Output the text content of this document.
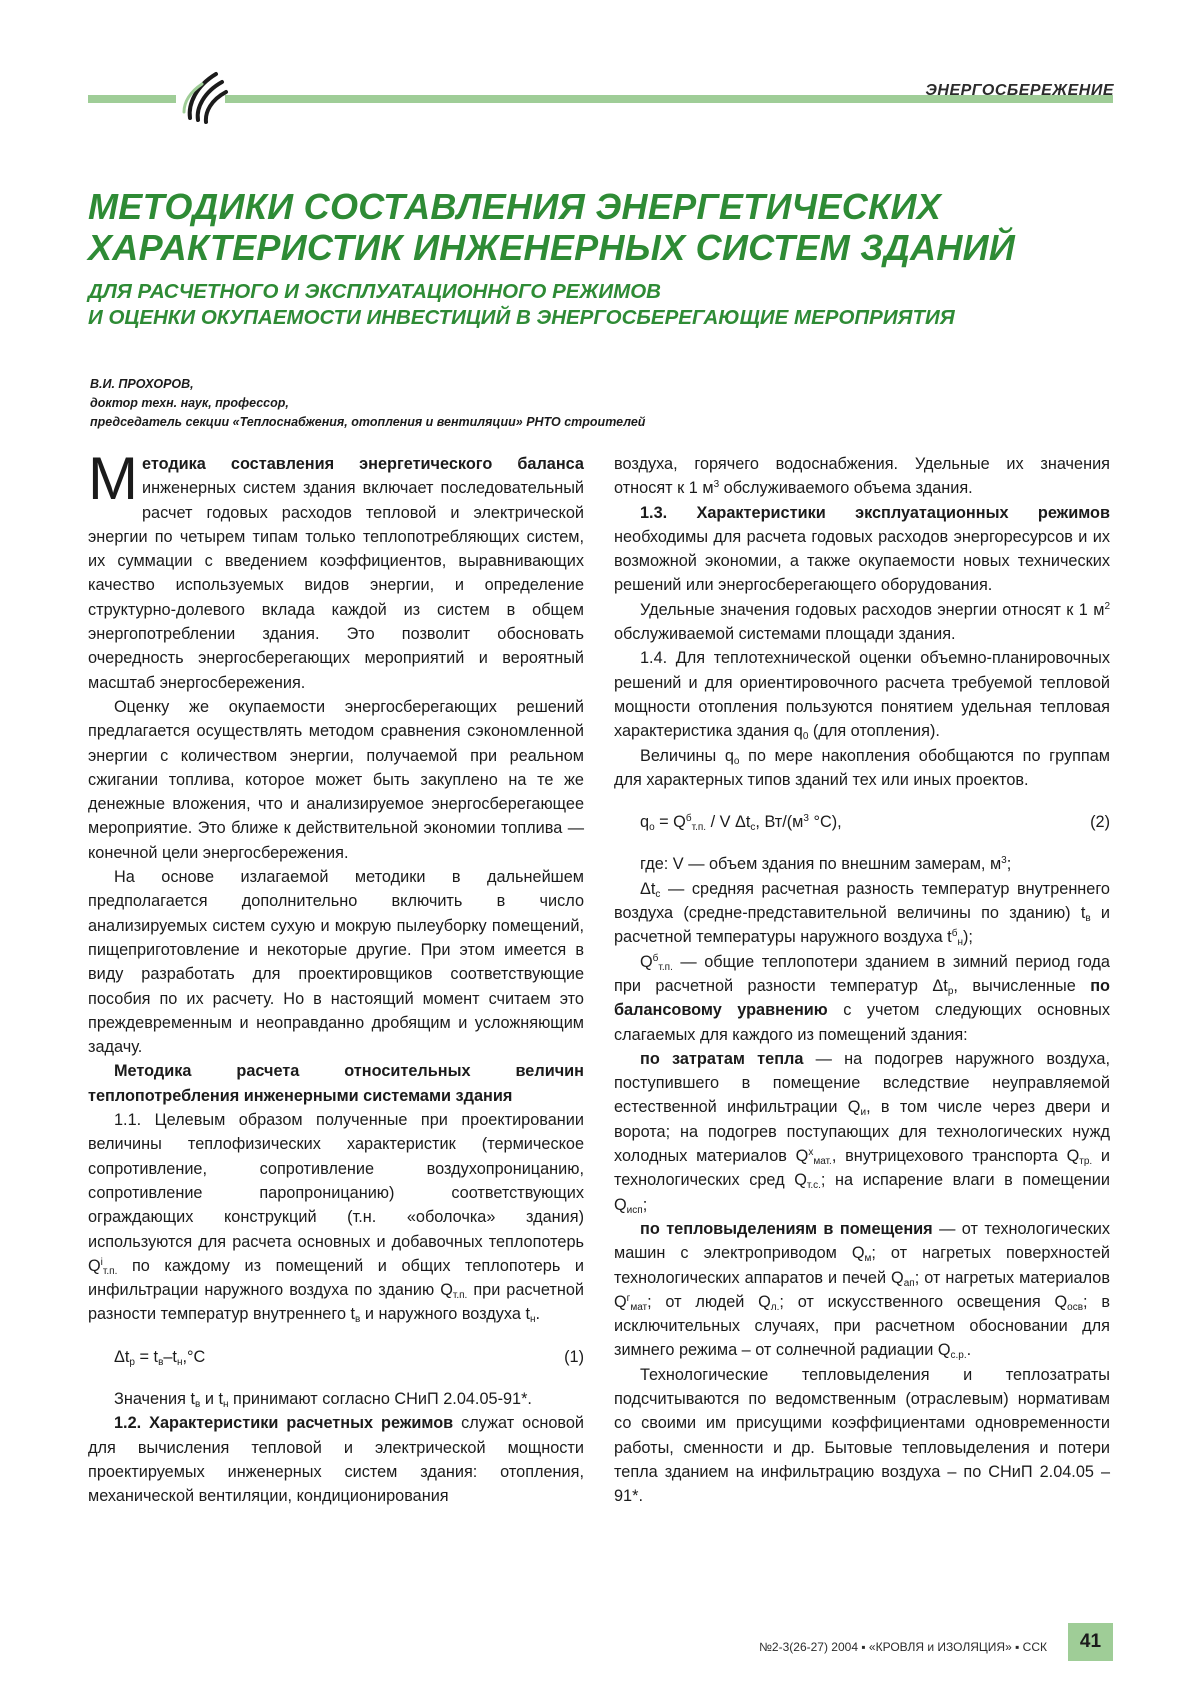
ЭНЕРГОСБЕРЕЖЕНИЕ
МЕТОДИКИ СОСТАВЛЕНИЯ ЭНЕРГЕТИЧЕСКИХ
ХАРАКТЕРИСТИК ИНЖЕНЕРНЫХ СИСТЕМ ЗДАНИЙ
ДЛЯ РАСЧЕТНОГО И ЭКСПЛУАТАЦИОННОГО РЕЖИМОВ
И ОЦЕНКИ ОКУПАЕМОСТИ ИНВЕСТИЦИЙ В ЭНЕРГОСБЕРЕГАЮЩИЕ МЕРОПРИЯТИЯ
В.И. ПРОХОРОВ,
доктор техн. наук, профессор,
председатель секции «Теплоснабжения, отопления и вентиляции» РНТО строителей

Методика составления энергетического баланса инженерных систем здания включает последовательный расчет годовых расходов тепловой и электрической энергии по четырем типам только теплопотребляющих систем, их суммации с введением коэффициентов, выравнивающих качество используемых видов энергии, и определение структурно-долевого вклада каждой из систем в общем энергопотреблении здания. Это позволит обосновать очередность энергосберегающих мероприятий и вероятный масштаб энергосбережения.

Оценку же окупаемости энергосберегающих решений предлагается осуществлять методом сравнения сэкономленной энергии с количеством энергии, получаемой при реальном сжигании топлива, которое может быть закуплено на те же денежные вложения, что и анализируемое энергосберегающее мероприятие. Это ближе к действительной экономии топлива — конечной цели энергосбережения.

На основе излагаемой методики в дальнейшем предполагается дополнительно включить в число анализируемых систем сухую и мокрую пылеуборку помещений, пищеприготовление и некоторые другие. При этом имеется в виду разработать для проектировщиков соответствующие пособия по их расчету. Но в настоящий момент считаем это преждевременным и неоправданно дробящим и усложняющим задачу.

Методика расчета относительных величин теплопотребления инженерными системами здания

1.1. Целевым образом полученные при проектировании величины теплофизических характеристик (термическое сопротивление, сопротивление воздухопроницанию, сопротивление паропроницанию) соответствующих ограждающих конструкций (т.н. «оболочка» здания) используются для расчета основных и добавочных теплопотерь $Q^i_{т.п.}$ по каждому из помещений и общих теплопотерь и инфильтрации наружного воздуха по зданию $Q_{т.п.}$ при расчетной разности температур внутреннего $t_в$ и наружного воздуха $t_н$.

$\Delta t_р = t_в-t_н,^\circ С$	(1)

Значения $t_в$ и $t_н$ принимают согласно СНиП 2.04.05-91*.

1.2. Характеристики расчетных режимов служат основой для вычисления тепловой и электрической мощности проектируемых инженерных систем здания: отопления, механической вентиляции, кондиционирования

воздуха, горячего водоснабжения. Удельные их значения относят к 1 $м^3$ обслуживаемого объема здания.

1.3. Характеристики эксплуатационных режимов необходимы для расчета годовых расходов энергоресурсов и их возможной экономии, а также окупаемости новых технических решений или энергосберегающего оборудования.

Удельные значения годовых расходов энергии относят к 1 $м^2$ обслуживаемой системами площади здания.

1.4. Для теплотехнической оценки объемно-планировочных решений и для ориентировочного расчета требуемой тепловой мощности отопления пользуются понятием удельная тепловая характеристика здания $q_0$ (для отопления).

Величины $q_о$ по мере накопления обобщаются по группам для характерных типов зданий тех или иных проектов.

$q_о = Q^б_{т.п.} / V$ $\Delta t_с$, $Вт/(м^3$ °С),	(2)

где: V — объем здания по внешним замерам, $м^3$;

$\Delta t_с$ — средняя расчетная разность температур внутреннего воздуха (средне-представительной величины по зданию) $t_в$ и расчетной температуры наружного воздуха $t^б_н$);

$Q^б_{т.п.}$ — общие теплопотери зданием в зимний период года при расчетной разности температур $\Delta t_р$, вычисленные по балансовому уравнению с учетом следующих основных слагаемых для каждого из помещений здания:

по затратам тепла — на подогрев наружного воздуха, поступившего в помещение вследствие неуправляемой естественной инфильтрации $Q_и$, в том числе через двери и ворота; на подогрев поступающих для технологических нужд холодных материалов $Q^х_{мат.}$, внутрицехового транспорта $Q_{тр.}$ и технологических сред $Q_{т.с.}$; на испарение влаги в помещении $Q_{исп}$;

по тепловыделениям в помещения — от технологических машин с электроприводом $Q_м$; от нагретых поверхностей технологических аппаратов и печей $Q_{ап}$; от нагретых материалов $Q^г_{мат}$; от людей $Q_{л.}$; от искусственного освещения $Q_{осв}$; в исключительных случаях, при расчетном обосновании для зимнего режима – от солнечной радиации $Q_{с.р.}$.

Технологические тепловыделения и теплозатраты подсчитываются по ведомственным (отраслевым) нормативам со своими им присущими коэффициентами одновременности работы, сменности и др. Бытовые тепловыделения и потери тепла зданием на инфильтрацию воздуха – по СНиП 2.04.05 – 91*.

№2-3(26-27) 2004 ▪ «КРОВЛЯ и ИЗОЛЯЦИЯ» ▪ ССК	41
